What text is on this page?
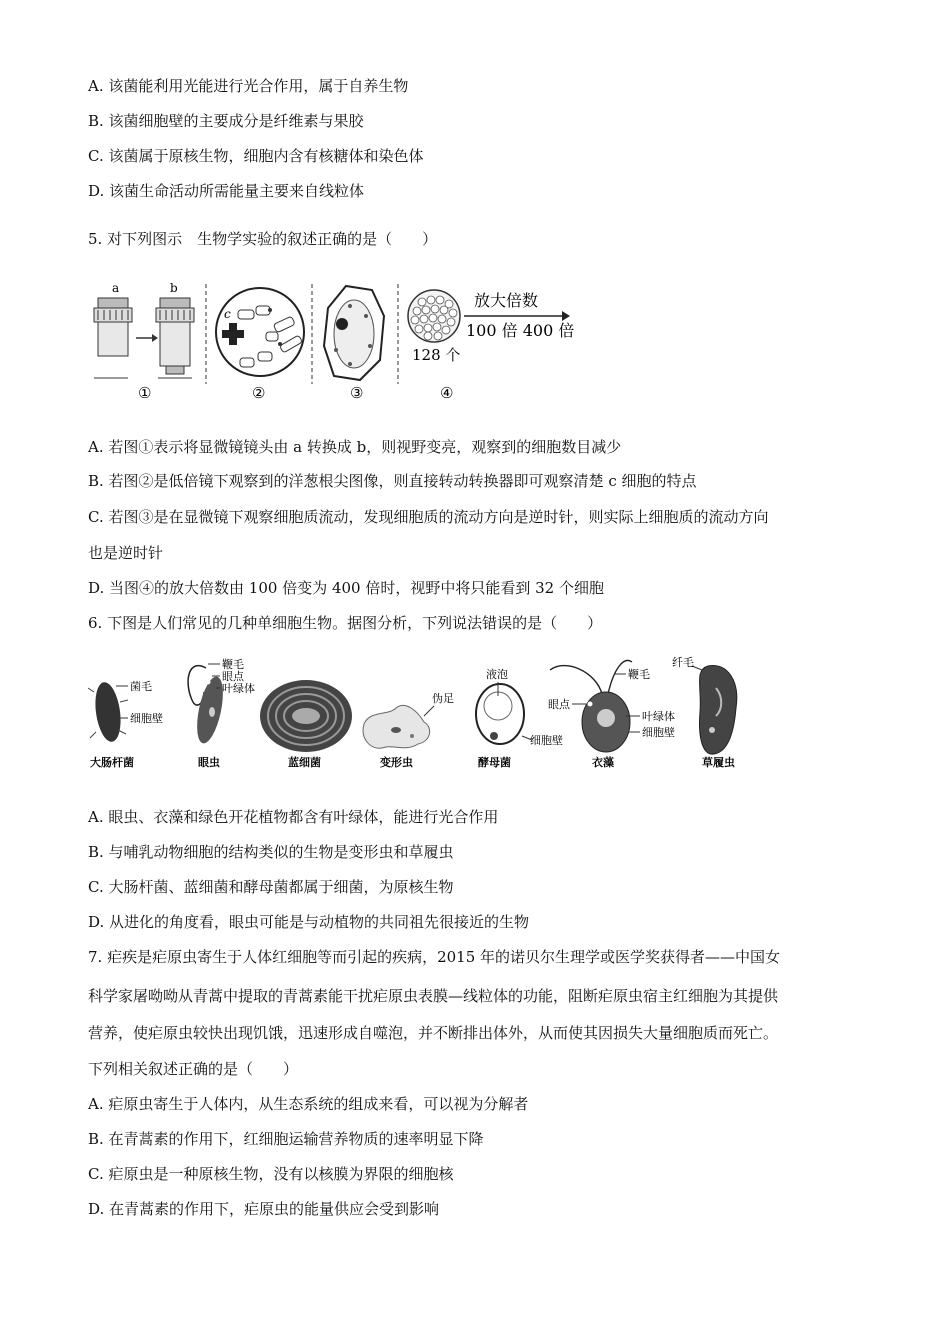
A. 该菌能利用光能进行光合作用，属于自养生物
B. 该菌细胞壁的主要成分是纤维素与果胶
C. 该菌属于原核生物，细胞内含有核糖体和染色体
D. 该菌生命活动所需能量主要来自线粒体
5. 对下列图示　生物学实验的叙述正确的是（　　）
a	b
①
c
②	③
128 个
放大倍数
100 倍 400 倍
④
A. 若图①表示将显微镜镜头由 a 转换成 b，则视野变亮，观察到的细胞数目减少
B. 若图②是低倍镜下观察到的洋葱根尖图像，则直接转动转换器即可观察清楚 c 细胞的特点
C. 若图③是在显微镜下观察细胞质流动，发现细胞质的流动方向是逆时针，则实际上细胞质的流动方向
也是逆时针
D. 当图④的放大倍数由 100 倍变为 400 倍时，视野中将只能看到 32 个细胞
6. 下图是人们常见的几种单细胞生物。据图分析，下列说法错误的是（　　）
菌毛
细胞壁
大肠杆菌
鞭毛
眼点
叶绿体
眼虫	蓝细菌
伪足
变形虫
液泡
细胞壁
酵母菌
鞭毛
眼点
叶绿体
细胞壁
衣藻
纤毛
草履虫
A. 眼虫、衣藻和绿色开花植物都含有叶绿体，能进行光合作用
B. 与哺乳动物细胞的结构类似的生物是变形虫和草履虫
C. 大肠杆菌、蓝细菌和酵母菌都属于细菌，为原核生物
D. 从进化的角度看，眼虫可能是与动植物的共同祖先很接近的生物
7. 疟疾是疟原虫寄生于人体红细胞等而引起的疾病，2015 年的诺贝尔生理学或医学奖获得者——中国女
科学家屠呦呦从青蒿中提取的青蒿素能干扰疟原虫表膜—线粒体的功能，阻断疟原虫宿主红细胞为其提供
营养，使疟原虫较快出现饥饿，迅速形成自噬泡，并不断排出体外，从而使其因损失大量细胞质而死亡。
下列相关叙述正确的是（　　）
A. 疟原虫寄生于人体内，从生态系统的组成来看，可以视为分解者
B. 在青蒿素的作用下，红细胞运输营养物质的速率明显下降
C. 疟原虫是一种原核生物，没有以核膜为界限的细胞核
D. 在青蒿素的作用下，疟原虫的能量供应会受到影响
